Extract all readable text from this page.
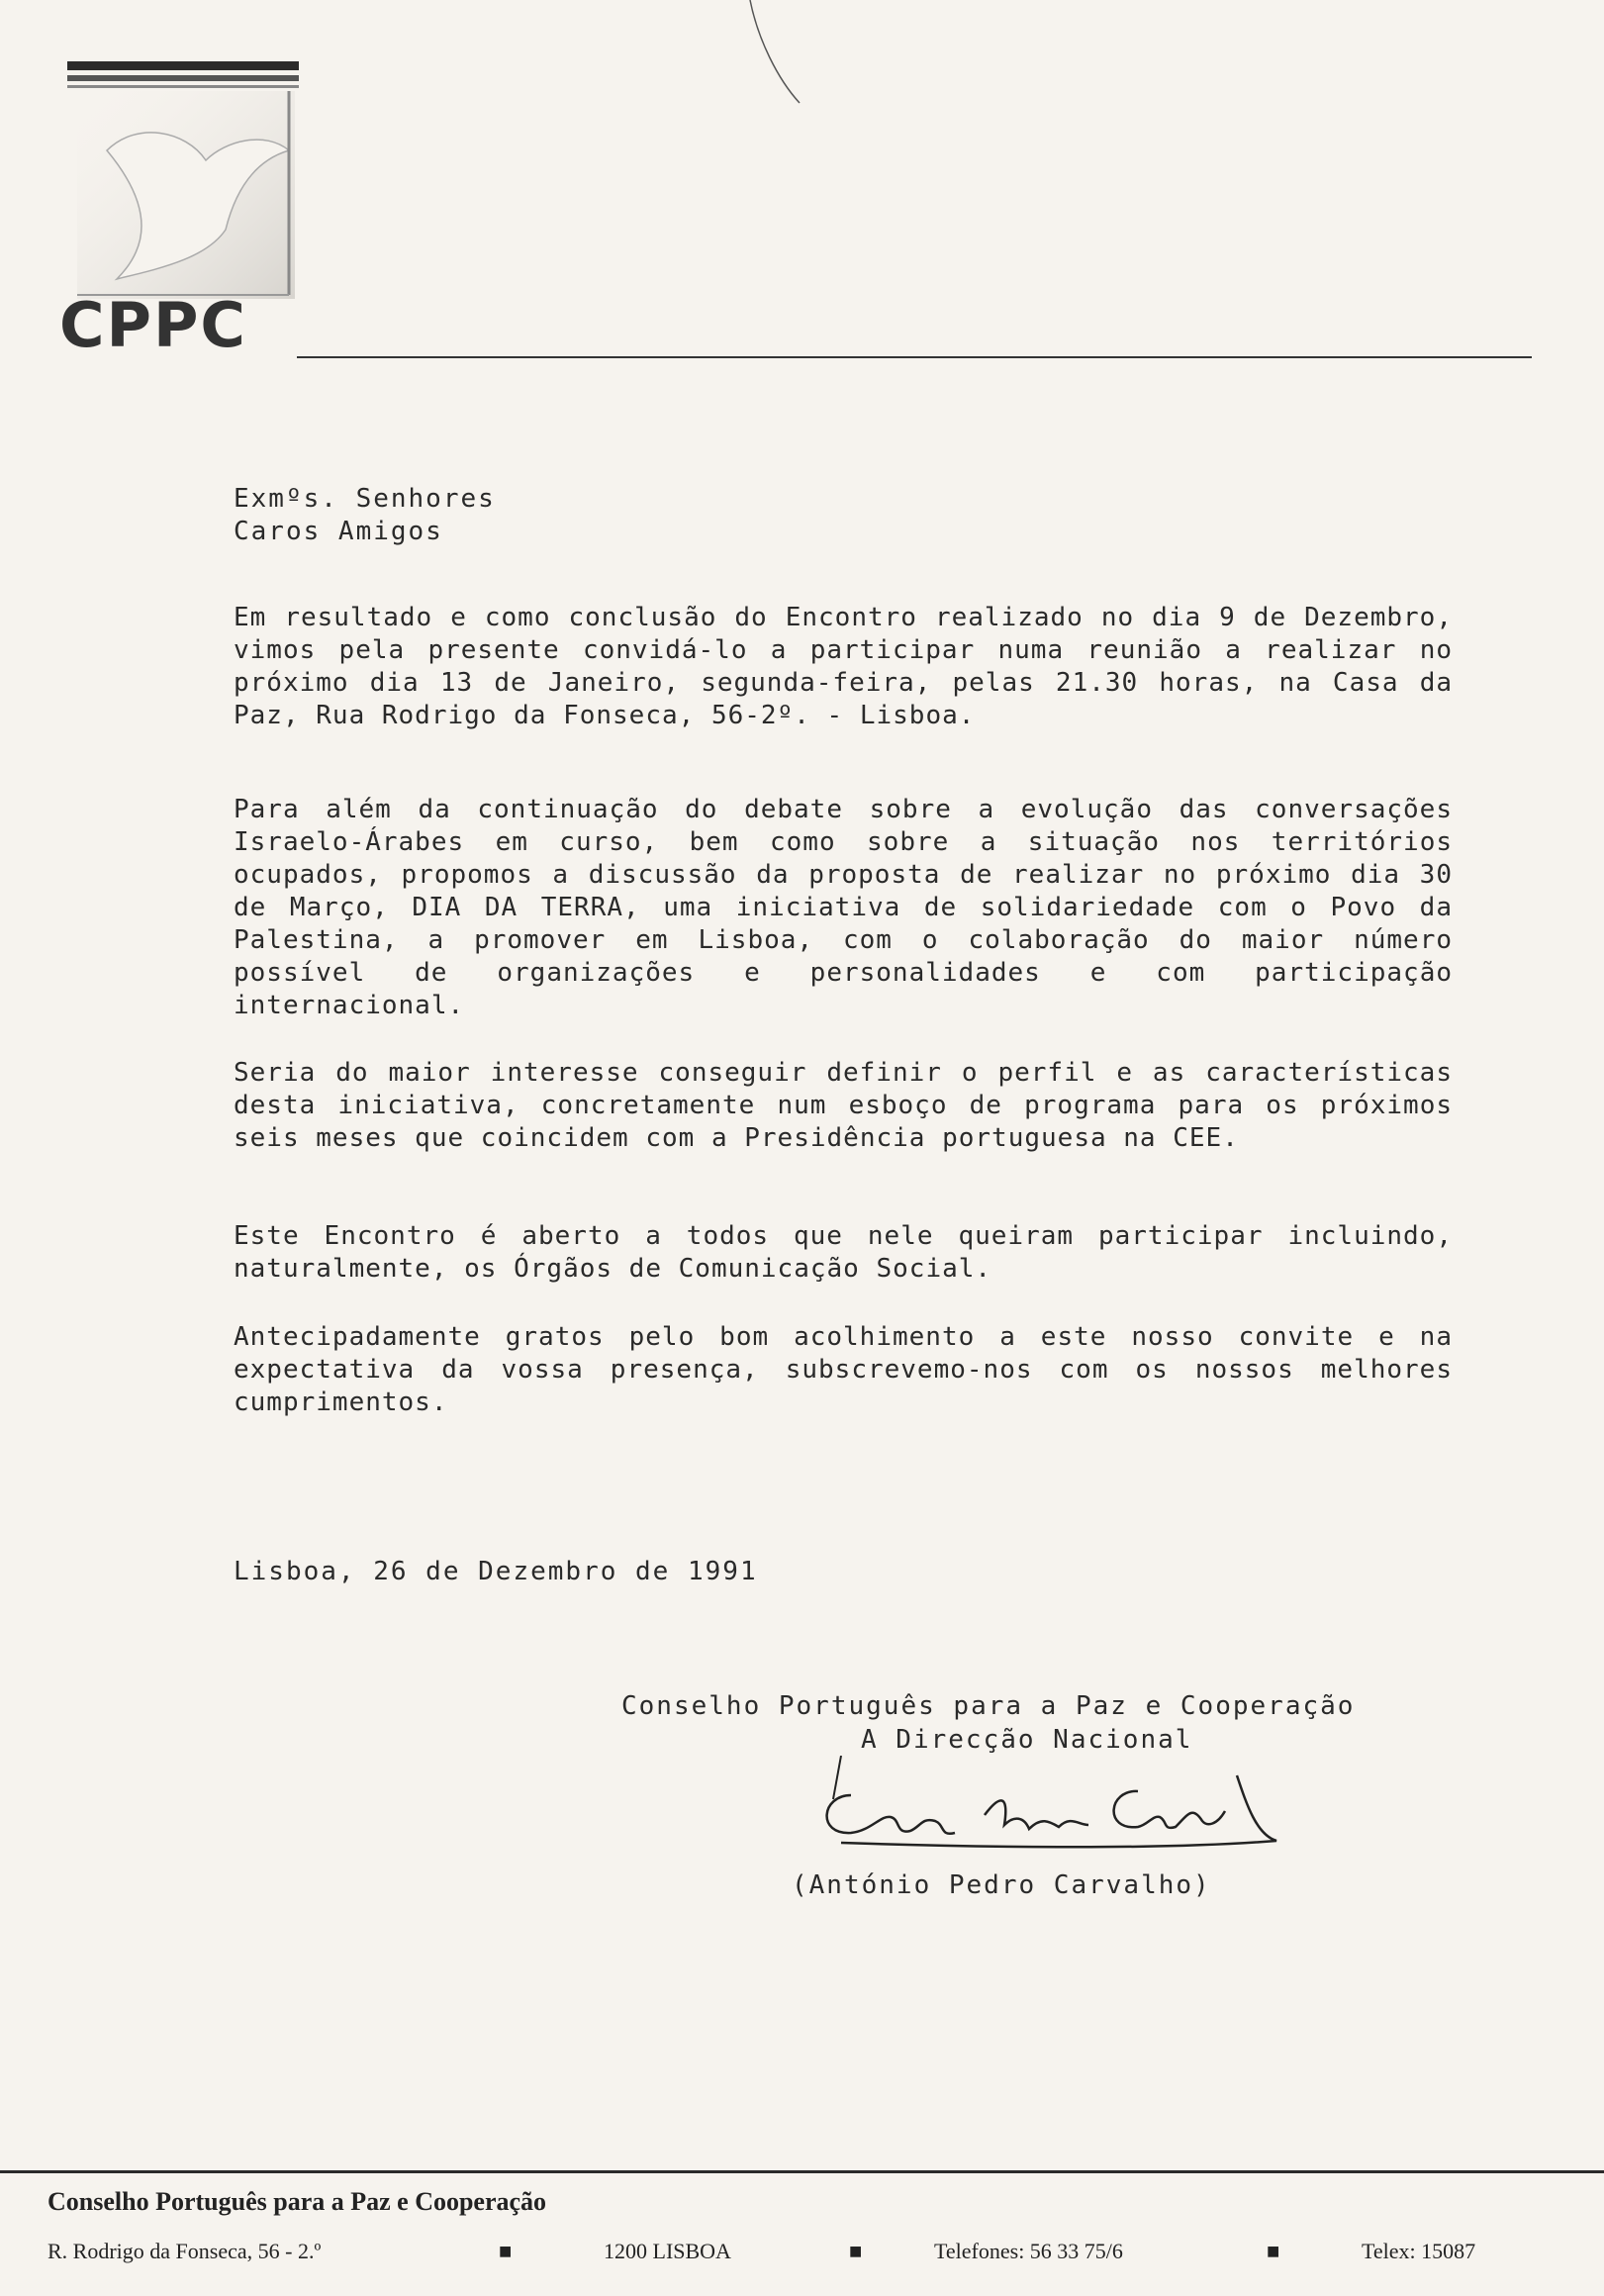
CPPC
Exmºs. Senhores
Caros Amigos
Em resultado e como conclusão do Encontro realizado no dia 9 de Dezembro, vimos pela presente convidá-lo a participar numa reunião a realizar no próximo dia 13 de Janeiro, segunda-feira, pelas 21.30 horas, na Casa da Paz, Rua Rodrigo da Fonseca, 56-2º. - Lisboa.
Para além da continuação do debate sobre a evolução das conversações Israelo-Árabes em curso, bem como sobre a situação nos territórios ocupados, propomos a discussão da proposta de realizar no próximo dia 30 de Março, DIA DA TERRA, uma iniciativa de solidariedade com o Povo da Palestina, a promover em Lisboa, com o colaboração do maior número possível de organizações e personalidades e com participação internacional.
Seria do maior interesse conseguir definir o perfil e as características desta iniciativa, concretamente num esboço de programa para os próximos seis meses que coincidem com a Presidência portuguesa na CEE.
Este Encontro é aberto a todos que nele queiram participar incluindo, naturalmente, os Órgãos de Comunicação Social.
Antecipadamente gratos pelo bom acolhimento a este nosso convite e na expectativa da vossa presença, subscrevemo-nos com os nossos melhores cumprimentos.
Lisboa, 26 de Dezembro de 1991
Conselho Português para a Paz e Cooperação
A Direcção Nacional
(António Pedro Carvalho)
Conselho Português para a Paz e Cooperação
R. Rodrigo da Fonseca, 56 - 2.º	■	1200 LISBOA	■	Telefones: 56 33 75/6	■	Telex: 15087
